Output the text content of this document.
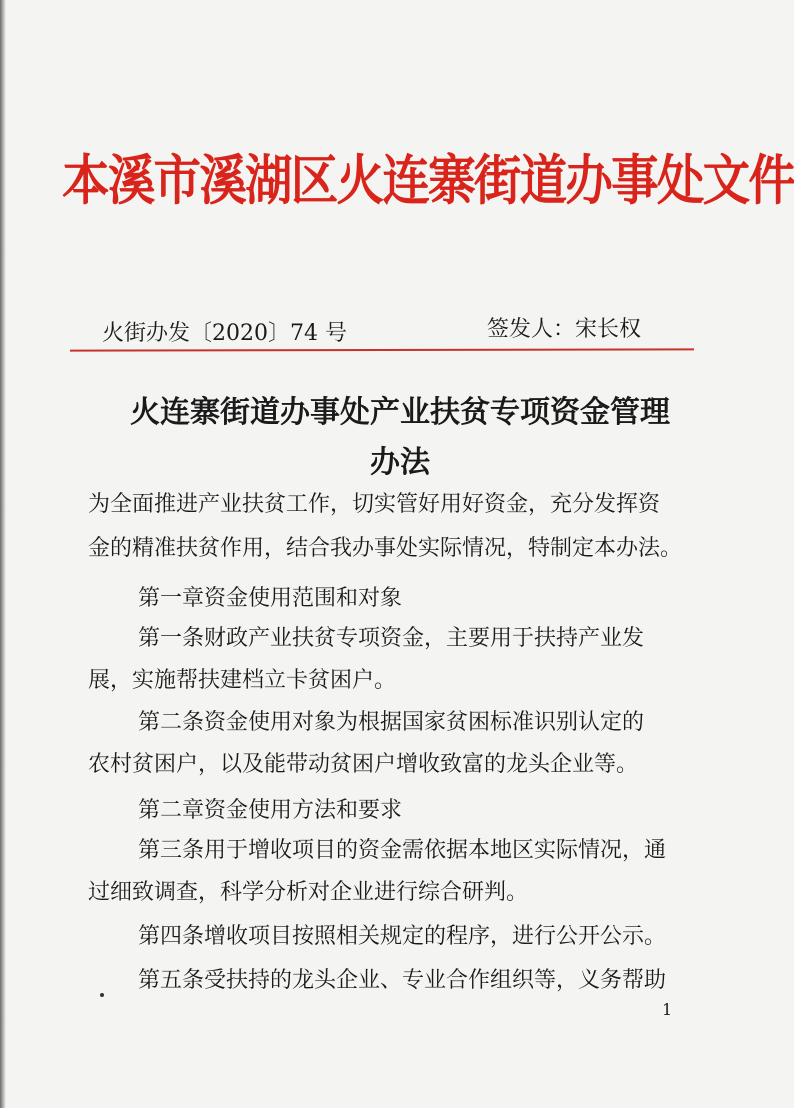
本溪市溪湖区火连寨街道办事处文件
火街办发〔2020〕74 号	签发人：宋长权
火连寨街道办事处产业扶贫专项资金管理
办法
为全面推进产业扶贫工作，切实管好用好资金，充分发挥资
金的精准扶贫作用，结合我办事处实际情况，特制定本办法。
第一章资金使用范围和对象
第一条财政产业扶贫专项资金，主要用于扶持产业发
展，实施帮扶建档立卡贫困户。
第二条资金使用对象为根据国家贫困标准识别认定的
农村贫困户，以及能带动贫困户增收致富的龙头企业等。
第二章资金使用方法和要求
第三条用于增收项目的资金需依据本地区实际情况，通
过细致调查，科学分析对企业进行综合研判。
第四条增收项目按照相关规定的程序，进行公开公示。
第五条受扶持的龙头企业、专业合作组织等，义务帮助
1
